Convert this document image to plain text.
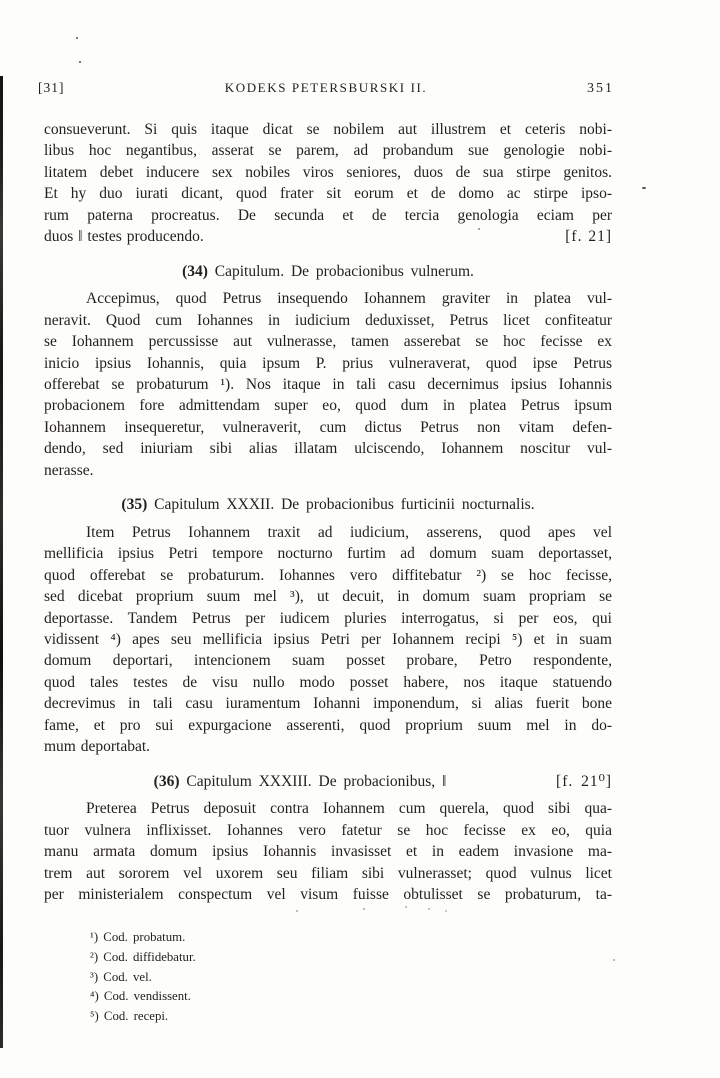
[31]	KODEKS PETERSBURSKI II.	351
consueverunt. Si quis itaque dicat se nobilem aut illustrem et ceteris nobi-
libus hoc negantibus, asserat se parem, ad probandum sue genologie nobi-
litatem debet inducere sex nobiles viros seniores, duos de sua stirpe genitos.
Et hy duo iurati dicant, quod frater sit eorum et de domo ac stirpe ipso-
rum paterna procreatus. De secunda et de tercia genologia eciam per
duos ‖ testes producendo.	[f. 21]
(34) Capitulum. De probacionibus vulnerum.
Accepimus, quod Petrus insequendo Iohannem graviter in platea vul-
neravit. Quod cum Iohannes in iudicium deduxisset, Petrus licet confiteatur
se Iohannem percussisse aut vulnerasse, tamen asserebat se hoc fecisse ex
inicio ipsius Iohannis, quia ipsum P. prius vulneraverat, quod ipse Petrus
offerebat se probaturum ¹). Nos itaque in tali casu decernimus ipsius Iohannis
probacionem fore admittendam super eo, quod dum in platea Petrus ipsum
Iohannem insequeretur, vulneraverit, cum dictus Petrus non vitam defen-
dendo, sed iniuriam sibi alias illatam ulciscendo, Iohannem noscitur vul-
nerasse.
(35) Capitulum XXXII. De probacionibus furticinii nocturnalis.
Item Petrus Iohannem traxit ad iudicium, asserens, quod apes vel
mellificia ipsius Petri tempore nocturno furtim ad domum suam deportasset,
quod offerebat se probaturum. Iohannes vero diffitebatur ²) se hoc fecisse,
sed dicebat proprium suum mel ³), ut decuit, in domum suam propriam se
deportasse. Tandem Petrus per iudicem pluries interrogatus, si per eos, qui
vidissent ⁴) apes seu mellificia ipsius Petri per Iohannem recipi ⁵) et in suam
domum deportari, intencionem suam posset probare, Petro respondente,
quod tales testes de visu nullo modo posset habere, nos itaque statuendo
decrevimus in tali casu iuramentum Iohanni imponendum, si alias fuerit bone
fame, et pro sui expurgacione asserenti, quod proprium suum mel in do-
mum deportabat.
(36) Capitulum XXXIII. De probacionibus, ‖	[f. 21⁰]
Preterea Petrus deposuit contra Iohannem cum querela, quod sibi qua-
tuor vulnera inflixisset. Iohannes vero fatetur se hoc fecisse ex eo, quia
manu armata domum ipsius Iohannis invasisset et in eadem invasione ma-
trem aut sororem vel uxorem seu filiam sibi vulnerasset; quod vulnus licet
per ministerialem conspectum vel visum fuisse obtulisset se probaturum, ta-
¹) Cod. probatum.
²) Cod. diffidebatur.
³) Cod. vel.
⁴) Cod. vendissent.
⁵) Cod. recepi.
